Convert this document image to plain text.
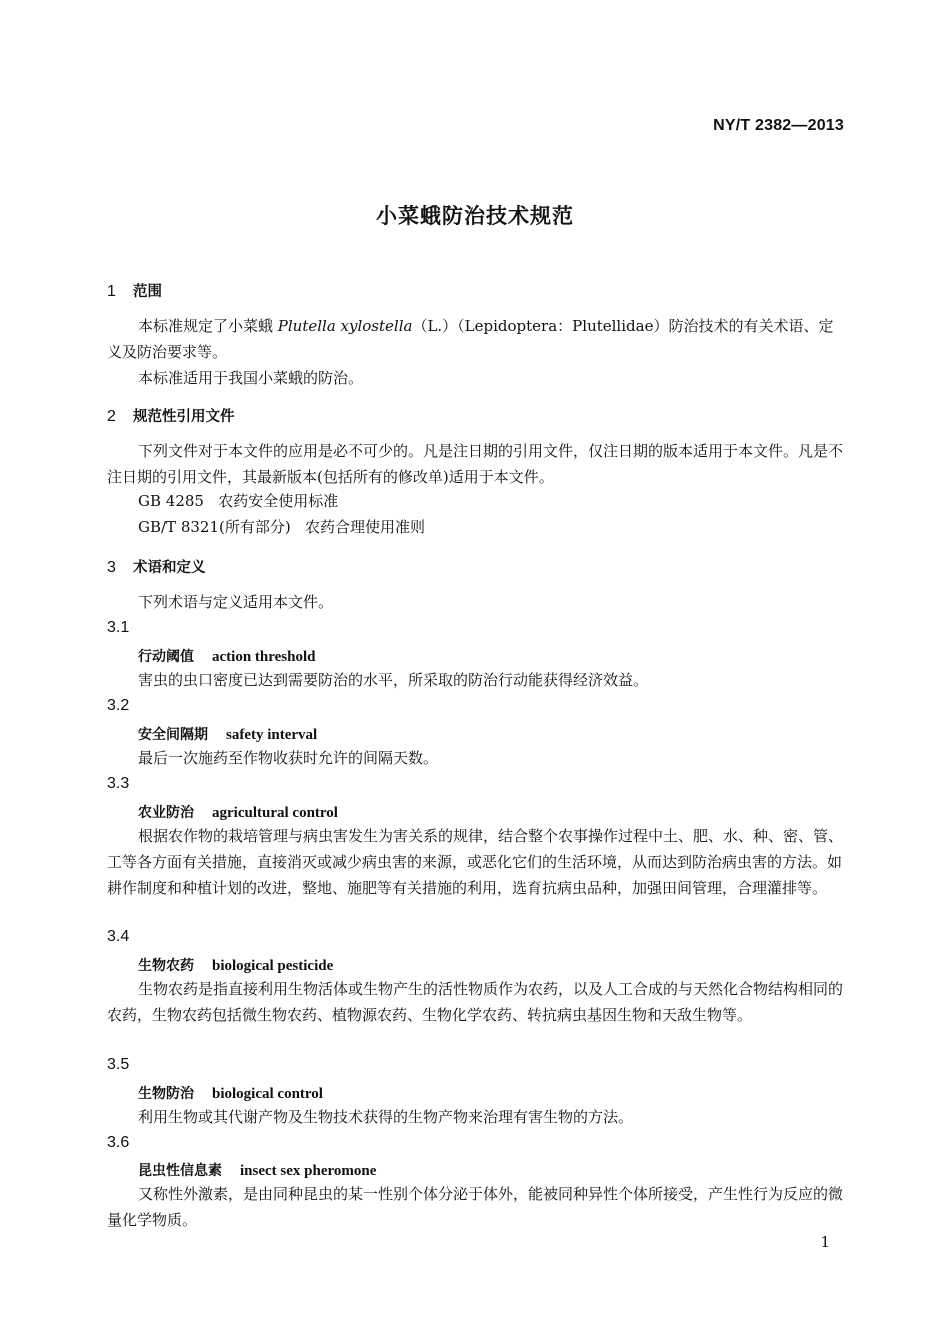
NY/T 2382—2013
小菜蛾防治技术规范
1 范围
本标准规定了小菜蛾 Plutella xylostella（L.）（Lepidoptera：Plutellidae）防治技术的有关术语、定义及防治要求等。
本标准适用于我国小菜蛾的防治。
2 规范性引用文件
下列文件对于本文件的应用是必不可少的。凡是注日期的引用文件，仅注日期的版本适用于本文件。凡是不注日期的引用文件，其最新版本(包括所有的修改单)适用于本文件。
GB 4285   农药安全使用标准
GB/T 8321(所有部分)   农药合理使用准则
3 术语和定义
下列术语与定义适用本文件。
3.1
行动阈值 action threshold
害虫的虫口密度已达到需要防治的水平，所采取的防治行动能获得经济效益。
3.2
安全间隔期 safety interval
最后一次施药至作物收获时允许的间隔天数。
3.3
农业防治 agricultural control
根据农作物的栽培管理与病虫害发生为害关系的规律，结合整个农事操作过程中土、肥、水、种、密、管、工等各方面有关措施，直接消灭或减少病虫害的来源，或恶化它们的生活环境，从而达到防治病虫害的方法。如耕作制度和种植计划的改进，整地、施肥等有关措施的利用，选育抗病虫品种，加强田间管理，合理灌排等。
3.4
生物农药 biological pesticide
生物农药是指直接利用生物活体或生物产生的活性物质作为农药，以及人工合成的与天然化合物结构相同的农药，生物农药包括微生物农药、植物源农药、生物化学农药、转抗病虫基因生物和天敌生物等。
3.5
生物防治 biological control
利用生物或其代谢产物及生物技术获得的生物产物来治理有害生物的方法。
3.6
昆虫性信息素 insect sex pheromone
又称性外激素，是由同种昆虫的某一性别个体分泌于体外，能被同种异性个体所接受，产生性行为反应的微量化学物质。
1
